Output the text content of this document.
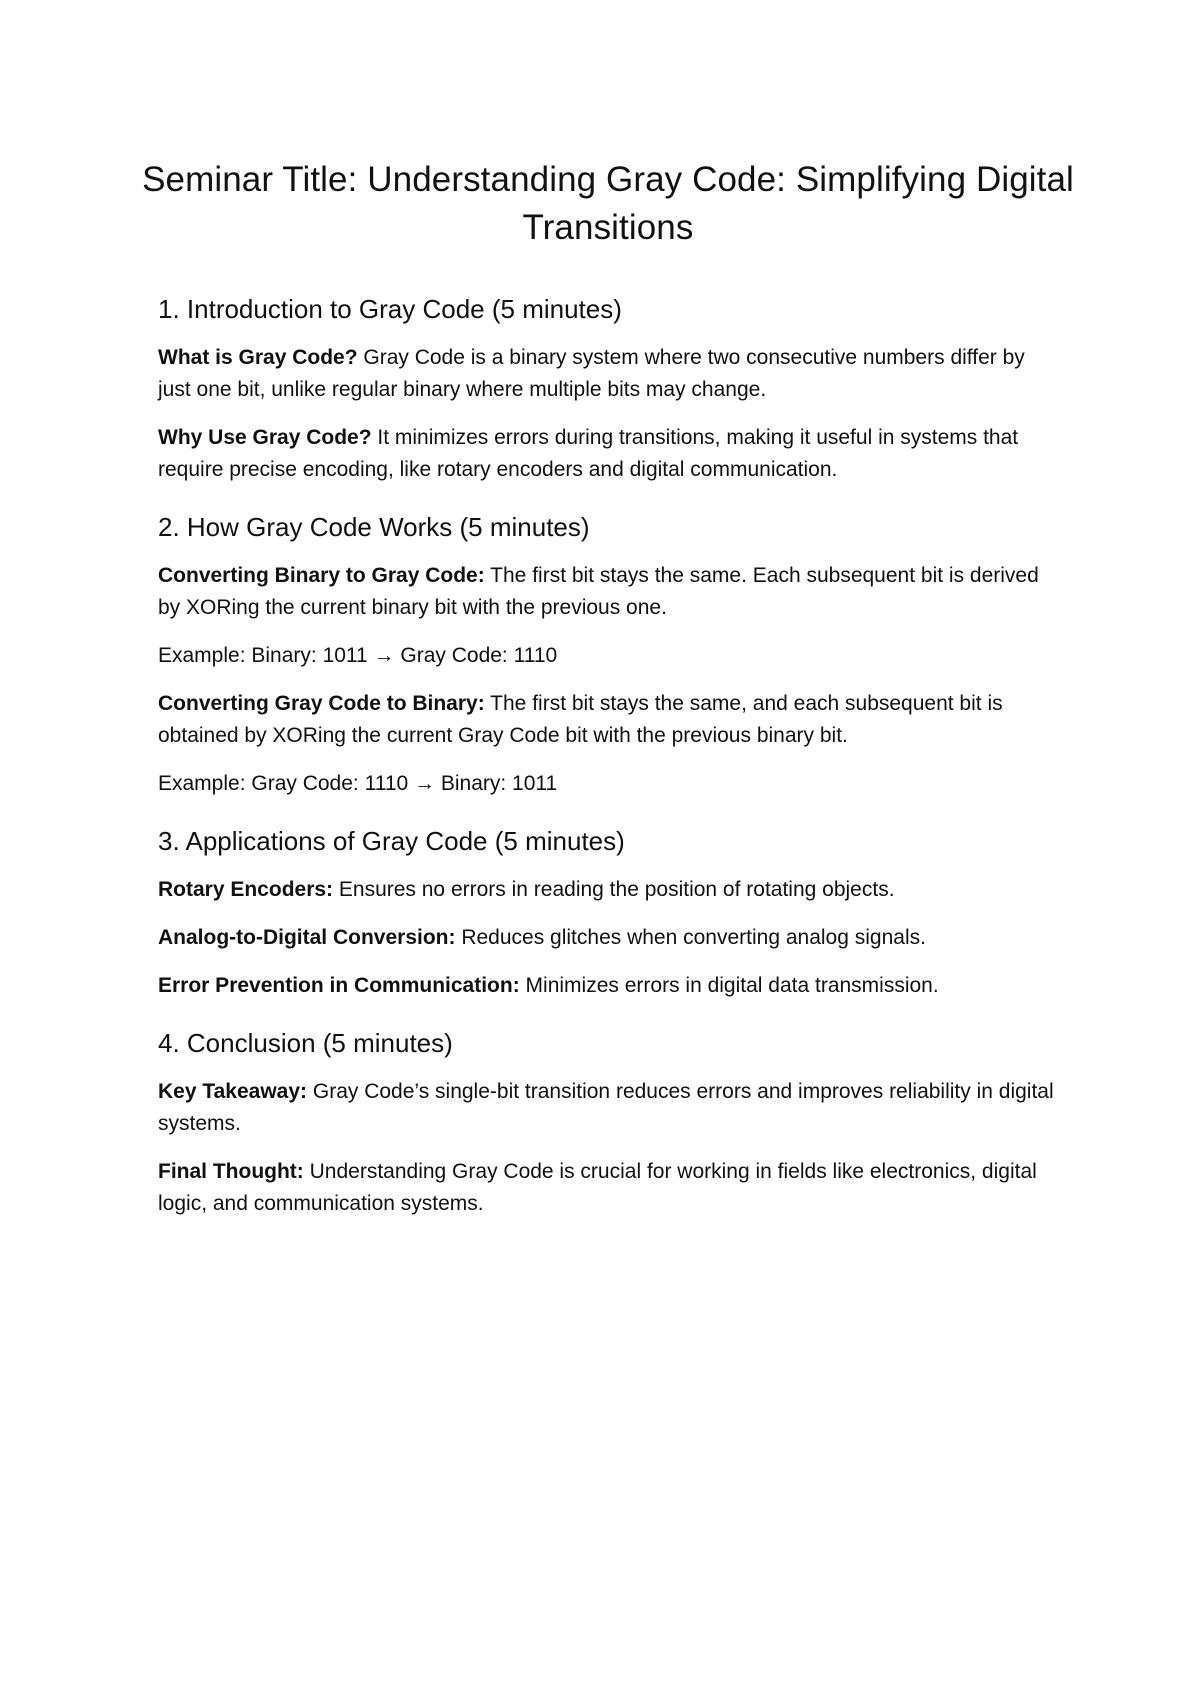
Seminar Title: Understanding Gray Code: Simplifying Digital Transitions
1. Introduction to Gray Code (5 minutes)

What is Gray Code? Gray Code is a binary system where two consecutive numbers differ by just one bit, unlike regular binary where multiple bits may change.

Why Use Gray Code? It minimizes errors during transitions, making it useful in systems that require precise encoding, like rotary encoders and digital communication.

2. How Gray Code Works (5 minutes)

Converting Binary to Gray Code: The first bit stays the same. Each subsequent bit is derived by XORing the current binary bit with the previous one.

Example: Binary: 1011 → Gray Code: 1110

Converting Gray Code to Binary: The first bit stays the same, and each subsequent bit is obtained by XORing the current Gray Code bit with the previous binary bit.

Example: Gray Code: 1110 → Binary: 1011

3. Applications of Gray Code (5 minutes)

Rotary Encoders: Ensures no errors in reading the position of rotating objects.

Analog-to-Digital Conversion: Reduces glitches when converting analog signals.

Error Prevention in Communication: Minimizes errors in digital data transmission.

4. Conclusion (5 minutes)

Key Takeaway: Gray Code’s single-bit transition reduces errors and improves reliability in digital systems.

Final Thought: Understanding Gray Code is crucial for working in fields like electronics, digital logic, and communication systems.
